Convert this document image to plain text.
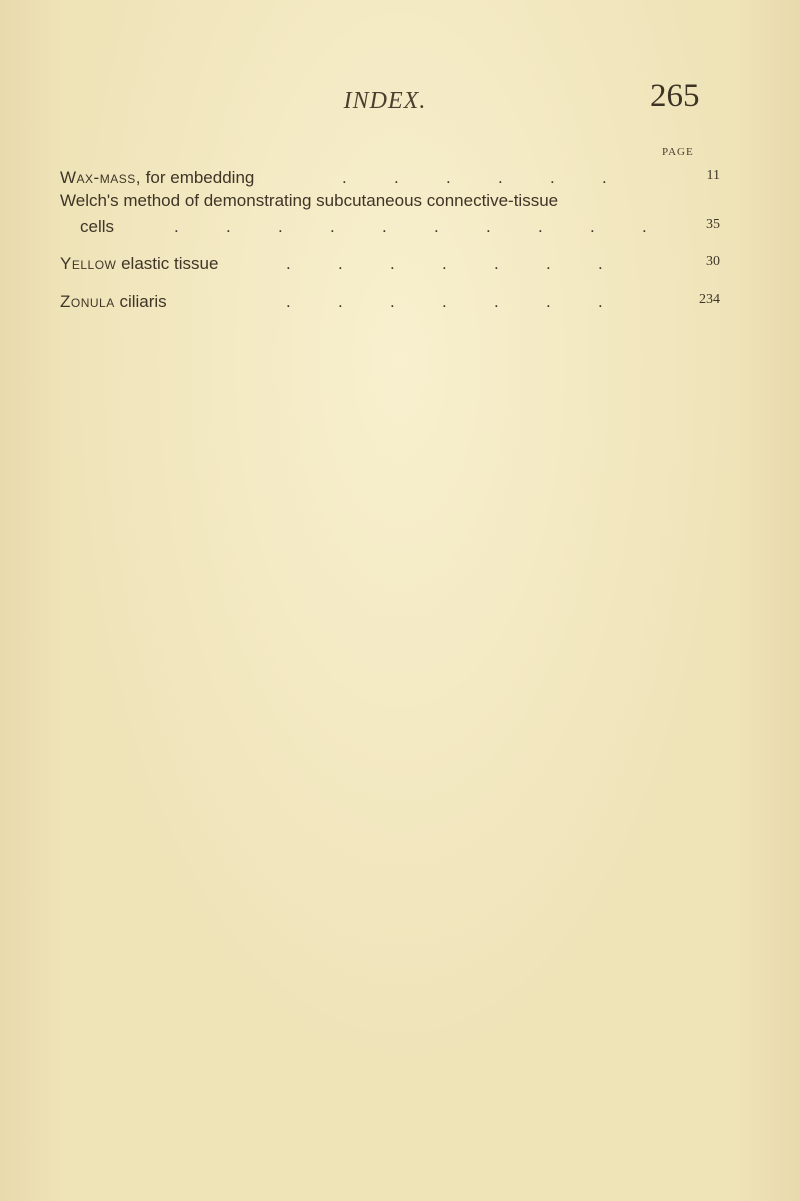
INDEX.	265
PAGE
Wax-mass, for embedding	.	.	.	.	.	.	11
Welch's method of demonstrating subcutaneous connective-tissue
cells	.	.	.	.	.	.	.	.	.	.	35
Yellow elastic tissue	.	.	.	.	.	.	.	30
Zonula ciliaris	.	.	.	.	.	.	.	234
